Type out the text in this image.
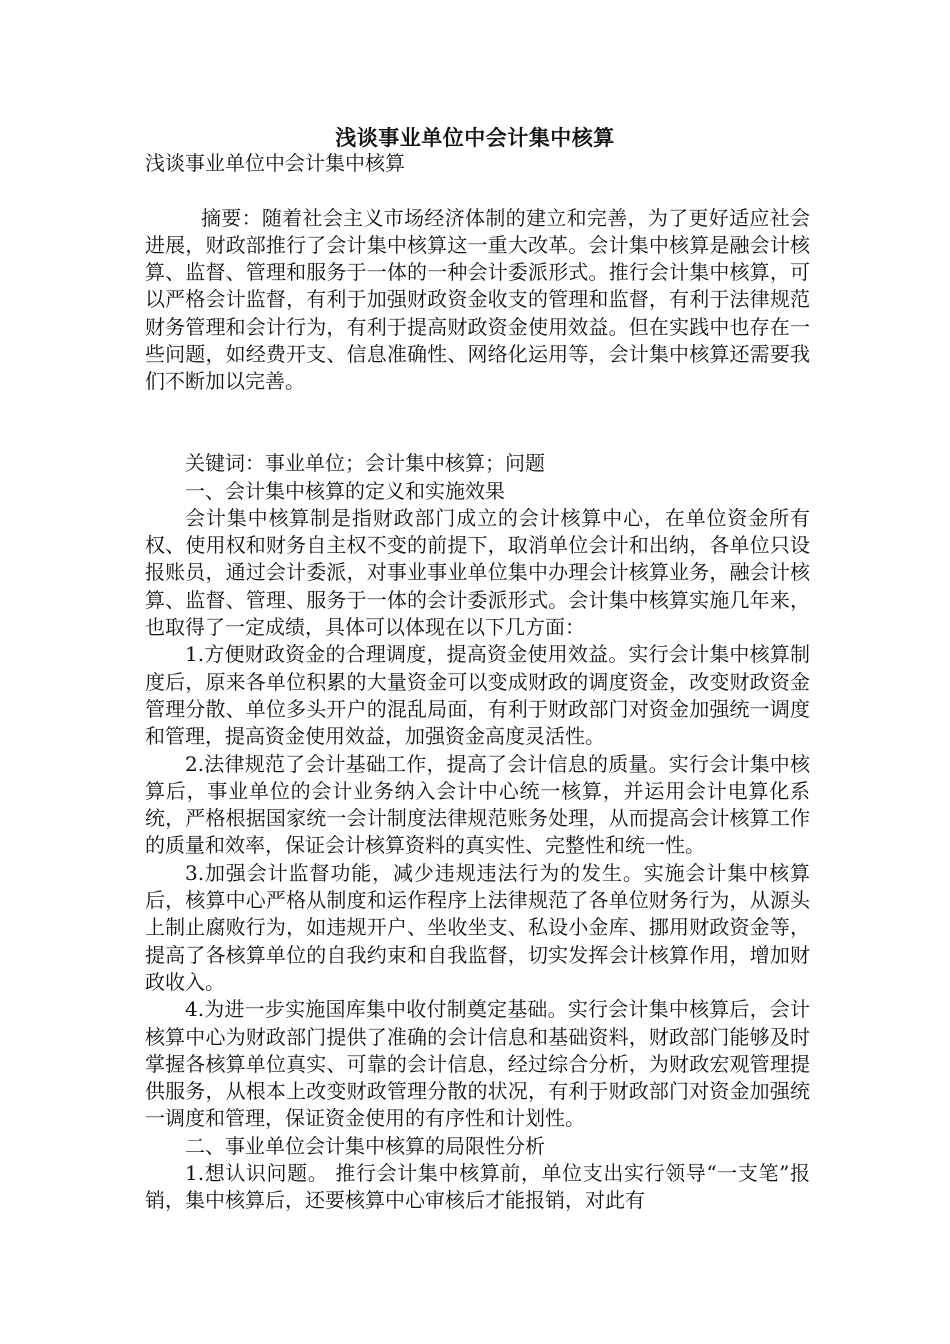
浅谈事业单位中会计集中核算

浅谈事业单位中会计集中核算

摘要：随着社会主义市场经济体制的建立和完善，为了更好适应社会进展，财政部推行了会计集中核算这一重大改革。会计集中核算是融会计核算、监督、管理和服务于一体的一种会计委派形式。推行会计集中核算，可以严格会计监督，有利于加强财政资金收支的管理和监督，有利于法律规范财务管理和会计行为，有利于提高财政资金使用效益。但在实践中也存在一些问题，如经费开支、信息准确性、网络化运用等，会计集中核算还需要我们不断加以完善。

关键词：事业单位；会计集中核算；问题

一、会计集中核算的定义和实施效果

会计集中核算制是指财政部门成立的会计核算中心，在单位资金所有权、使用权和财务自主权不变的前提下，取消单位会计和出纳，各单位只设报账员，通过会计委派，对事业事业单位集中办理会计核算业务，融会计核算、监督、管理、服务于一体的会计委派形式。会计集中核算实施几年来，也取得了一定成绩，具体可以体现在以下几方面：

1.方便财政资金的合理调度，提高资金使用效益。实行会计集中核算制度后，原来各单位积累的大量资金可以变成财政的调度资金，改变财政资金管理分散、单位多头开户的混乱局面，有利于财政部门对资金加强统一调度和管理，提高资金使用效益，加强资金高度灵活性。

2.法律规范了会计基础工作，提高了会计信息的质量。实行会计集中核算后，事业单位的会计业务纳入会计中心统一核算，并运用会计电算化系统，严格根据国家统一会计制度法律规范账务处理，从而提高会计核算工作的质量和效率，保证会计核算资料的真实性、完整性和统一性。

3.加强会计监督功能，减少违规违法行为的发生。实施会计集中核算后，核算中心严格从制度和运作程序上法律规范了各单位财务行为，从源头上制止腐败行为，如违规开户、坐收坐支、私设小金库、挪用财政资金等，提高了各核算单位的自我约束和自我监督，切实发挥会计核算作用，增加财政收入。

4.为进一步实施国库集中收付制奠定基础。实行会计集中核算后，会计核算中心为财政部门提供了准确的会计信息和基础资料，财政部门能够及时掌握各核算单位真实、可靠的会计信息，经过综合分析，为财政宏观管理提供服务，从根本上改变财政管理分散的状况，有利于财政部门对资金加强统一调度和管理，保证资金使用的有序性和计划性。

二、事业单位会计集中核算的局限性分析

1.想认识问题。 推行会计集中核算前，单位支出实行领导“一支笔”报销，集中核算后，还要核算中心审核后才能报销，对此有
